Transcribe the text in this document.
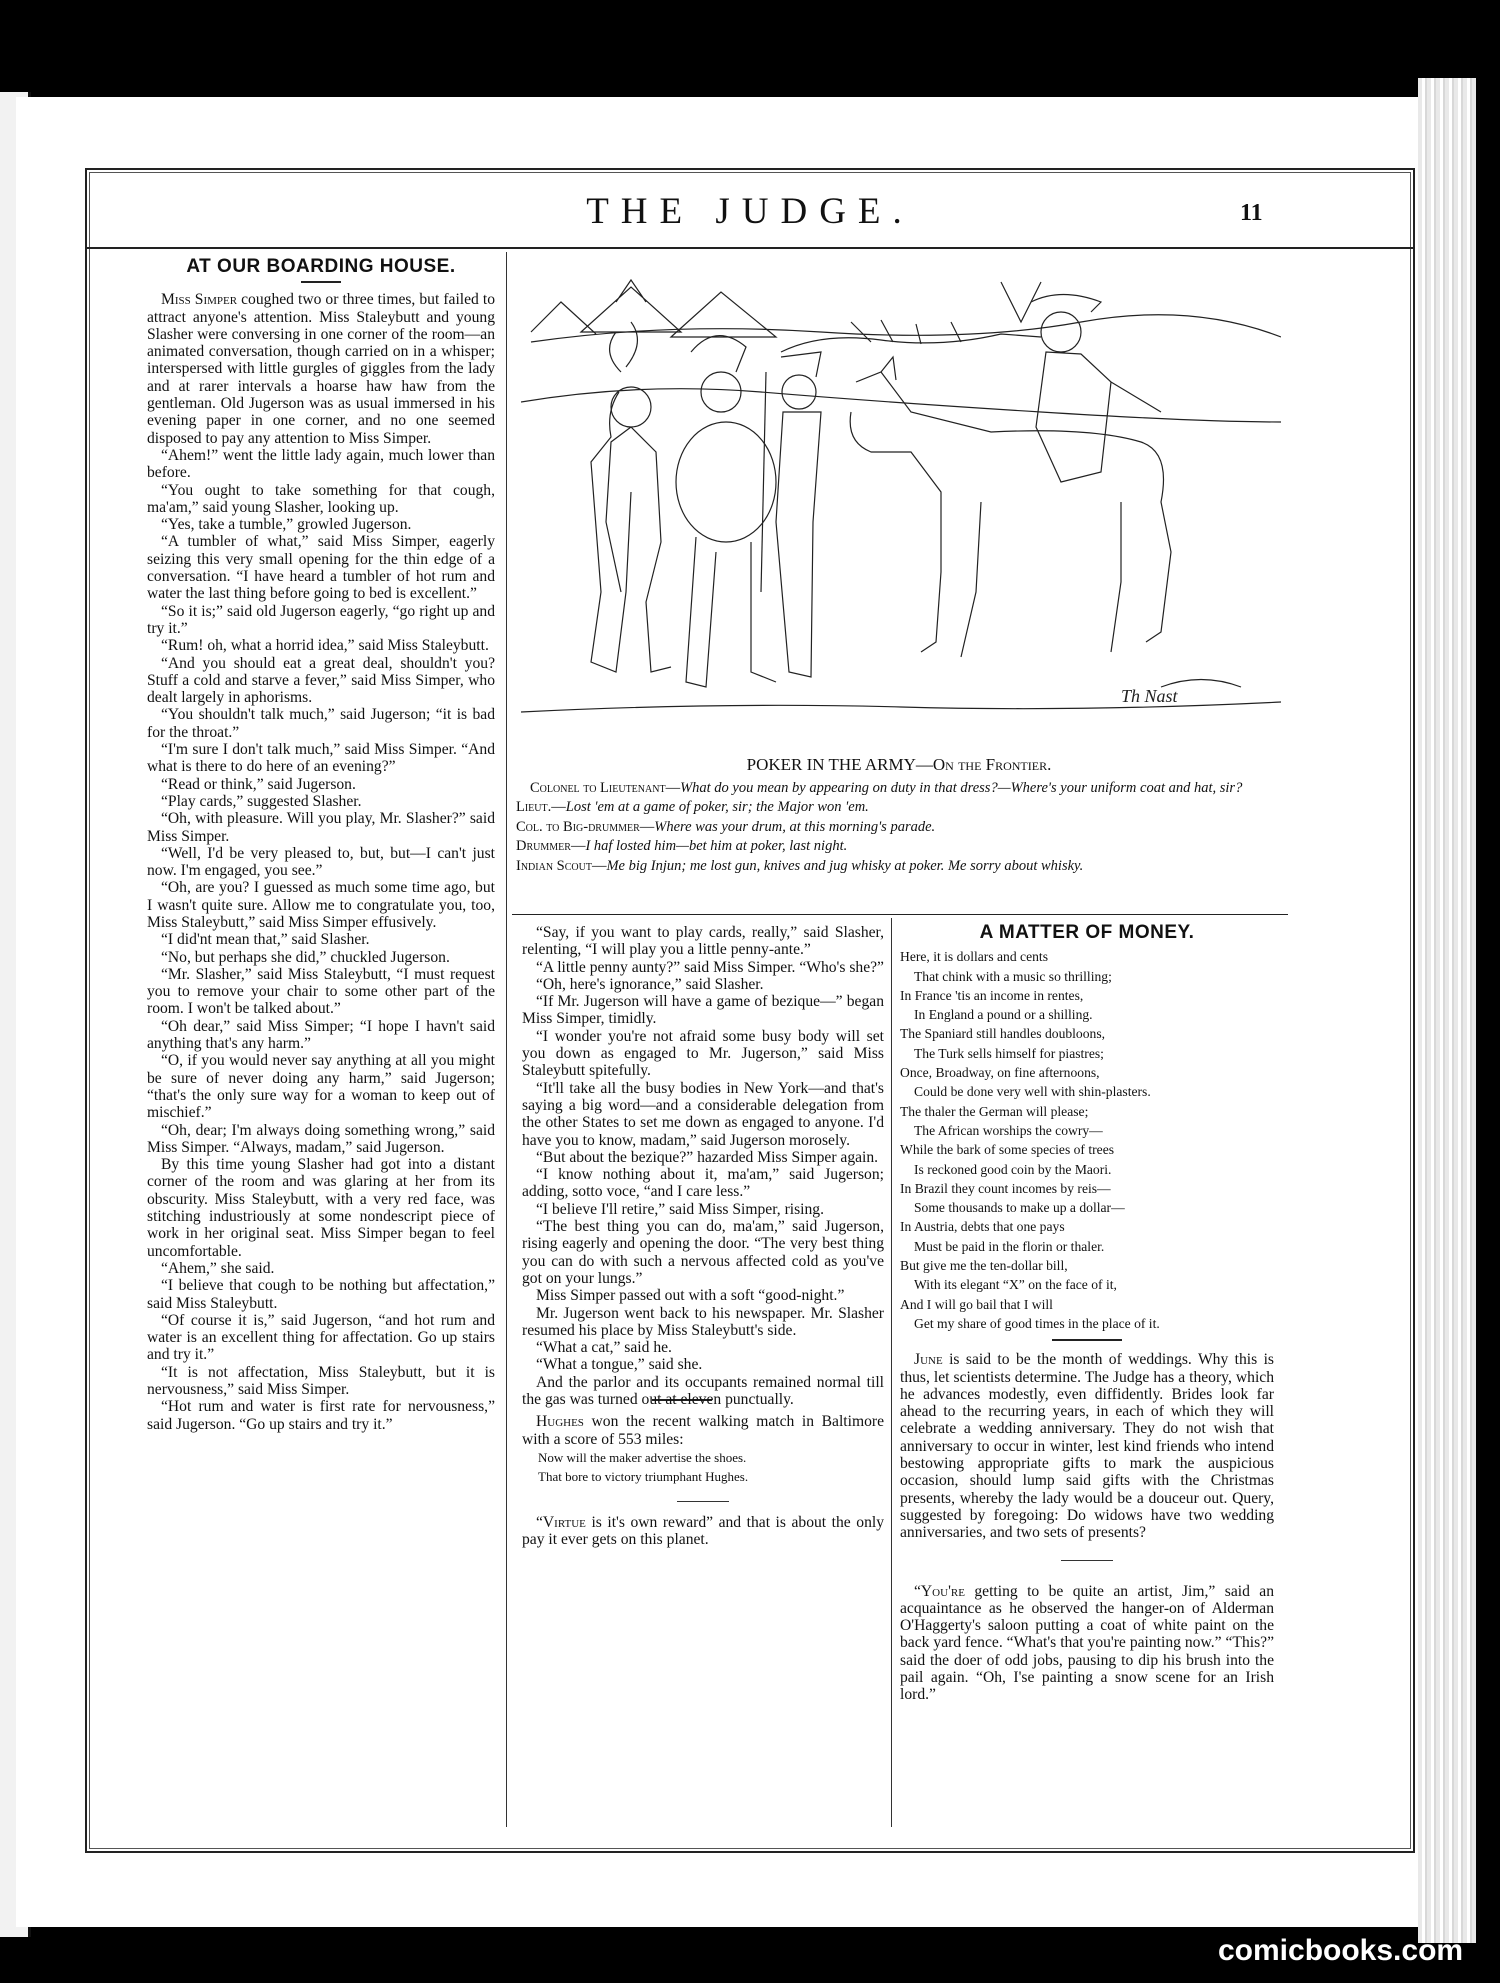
THE JUDGE.	11
AT OUR BOARDING HOUSE.

Miss Simper coughed two or three times, but failed to attract anyone's attention. Miss Staleybutt and young Slasher were conversing in one corner of the room—an animated conversation, though carried on in a whisper; interspersed with little gurgles of giggles from the lady and at rarer intervals a hoarse haw haw from the gentleman. Old Jugerson was as usual immersed in his evening paper in one corner, and no one seemed disposed to pay any attention to Miss Simper.

“Ahem!” went the little lady again, much lower than before.

“You ought to take something for that cough, ma'am,” said young Slasher, looking up.

“Yes, take a tumble,” growled Jugerson.

“A tumbler of what,” said Miss Simper, eagerly seizing this very small opening for the thin edge of a conversation. “I have heard a tumbler of hot rum and water the last thing before going to bed is excellent.”

“So it is;” said old Jugerson eagerly, “go right up and try it.”

“Rum! oh, what a horrid idea,” said Miss Staleybutt.

“And you should eat a great deal, shouldn't you? Stuff a cold and starve a fever,” said Miss Simper, who dealt largely in aphorisms.

“You shouldn't talk much,” said Jugerson; “it is bad for the throat.”

“I'm sure I don't talk much,” said Miss Simper. “And what is there to do here of an evening?”

“Read or think,” said Jugerson.

“Play cards,” suggested Slasher.

“Oh, with pleasure. Will you play, Mr. Slasher?” said Miss Simper.

“Well, I'd be very pleased to, but, but—I can't just now. I'm engaged, you see.”

“Oh, are you? I guessed as much some time ago, but I wasn't quite sure. Allow me to congratulate you, too, Miss Staleybutt,” said Miss Simper effusively.

“I did'nt mean that,” said Slasher.

“No, but perhaps she did,” chuckled Jugerson.

“Mr. Slasher,” said Miss Staleybutt, “I must request you to remove your chair to some other part of the room. I won't be talked about.”

“Oh dear,” said Miss Simper; “I hope I havn't said anything that's any harm.”

“O, if you would never say anything at all you might be sure of never doing any harm,” said Jugerson; “that's the only sure way for a woman to keep out of mischief.”

“Oh, dear; I'm always doing something wrong,” said Miss Simper. “Always, madam,” said Jugerson.

By this time young Slasher had got into a distant corner of the room and was glaring at her from its obscurity. Miss Staleybutt, with a very red face, was stitching industriously at some nondescript piece of work in her original seat. Miss Simper began to feel uncomfortable.

“Ahem,” she said.

“I believe that cough to be nothing but affectation,” said Miss Staleybutt.

“Of course it is,” said Jugerson, “and hot rum and water is an excellent thing for affectation. Go up stairs and try it.”

“It is not affectation, Miss Staleybutt, but it is nervousness,” said Miss Simper.

“Hot rum and water is first rate for nervousness,” said Jugerson. “Go up stairs and try it.”

Th Nast
POKER IN THE ARMY—On the Frontier.
Colonel to Lieutenant—What do you mean by appearing on duty in that dress?—Where's your uniform coat and hat, sir?
Lieut.—Lost 'em at a game of poker, sir; the Major won 'em.
Col. to Big-drummer—Where was your drum, at this morning's parade.
Drummer—I haf losted him—bet him at poker, last night.
Indian Scout—Me big Injun; me lost gun, knives and jug whisky at poker. Me sorry about whisky.

“Say, if you want to play cards, really,” said Slasher, relenting, “I will play you a little penny-ante.”

“A little penny aunty?” said Miss Simper. “Who's she?”

“Oh, here's ignorance,” said Slasher.

“If Mr. Jugerson will have a game of bezique—” began Miss Simper, timidly.

“I wonder you're not afraid some busy body will set you down as engaged to Mr. Jugerson,” said Miss Staleybutt spitefully.

“It'll take all the busy bodies in New York—and that's saying a big word—and a considerable delegation from the other States to set me down as engaged to anyone. I'd have you to know, madam,” said Jugerson morosely.

“But about the bezique?” hazarded Miss Simper again.

“I know nothing about it, ma'am,” said Jugerson; adding, sotto voce, “and I care less.”

“I believe I'll retire,” said Miss Simper, rising.

“The best thing you can do, ma'am,” said Jugerson, rising eagerly and opening the door. “The very best thing you can do with such a nervous affected cold as you've got on your lungs.”

Miss Simper passed out with a soft “good-night.”

Mr. Jugerson went back to his newspaper. Mr. Slasher resumed his place by Miss Staleybutt's side.

“What a cat,” said he.

“What a tongue,” said she.

And the parlor and its occupants remained normal till the gas was turned out at eleven punctually.

Hughes won the recent walking match in Baltimore with a score of 553 miles:

Now will the maker advertise the shoes.
That bore to victory triumphant Hughes.

“Virtue is it's own reward” and that is about the only pay it ever gets on this planet.

A MATTER OF MONEY.
Here, it is dollars and cents
That chink with a music so thrilling;
In France 'tis an income in rentes,
In England a pound or a shilling.
The Spaniard still handles doubloons,
The Turk sells himself for piastres;
Once, Broadway, on fine afternoons,
Could be done very well with shin-plasters.
The thaler the German will please;
The African worships the cowry—
While the bark of some species of trees
Is reckoned good coin by the Maori.
In Brazil they count incomes by reis—
Some thousands to make up a dollar—
In Austria, debts that one pays
Must be paid in the florin or thaler.
But give me the ten-dollar bill,
With its elegant “X” on the face of it,
And I will go bail that I will
Get my share of good times in the place of it.

June is said to be the month of weddings. Why this is thus, let scientists determine. The Judge has a theory, which he advances modestly, even diffidently. Brides look far ahead to the recurring years, in each of which they will celebrate a wedding anniversary. They do not wish that anniversary to occur in winter, lest kind friends who intend bestowing appropriate gifts to mark the auspicious occasion, should lump said gifts with the Christmas presents, whereby the lady would be a douceur out. Query, suggested by foregoing: Do widows have two wedding anniversaries, and two sets of presents?

“You're getting to be quite an artist, Jim,” said an acquaintance as he observed the hanger-on of Alderman O'Haggerty's saloon putting a coat of white paint on the back yard fence. “What's that you're painting now.” “This?” said the doer of odd jobs, pausing to dip his brush into the pail again. “Oh, I'se painting a snow scene for an Irish lord.”

comicbooks.com
